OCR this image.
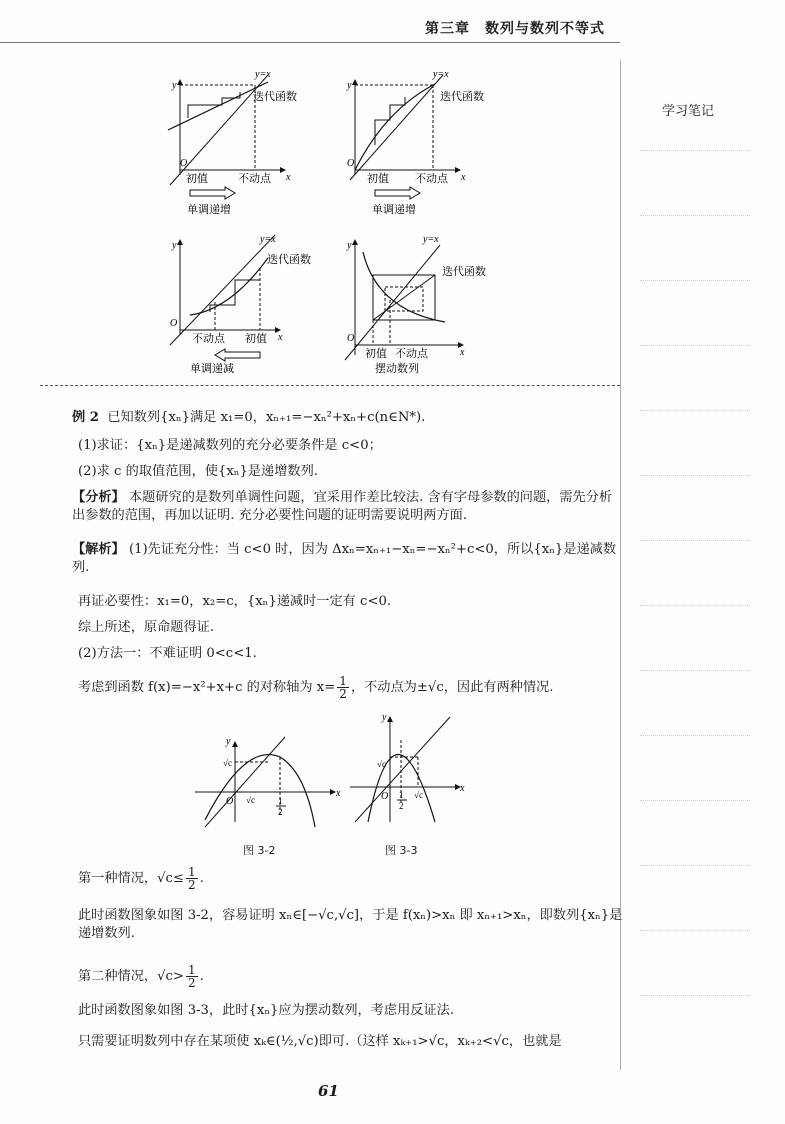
第三章　数列与数列不等式
学习笔记
O
y
x
y=x
迭代函数
初值	不动点
单调递增
O
y
x
y=x
迭代函数
初值 不动点
单调递增
O
y
x
y=x
迭代函数
不动点 初值
单调递减
O
y
x
y=x
迭代函数
初值 不动点
摆动数列
例 2 已知数列{xₙ}满足 x₁=0，xₙ₊₁=−xₙ²+xₙ+c(n∈N*).
(1)求证：{xₙ}是递减数列的充分必要条件是 c<0；
(2)求 c 的取值范围，使{xₙ}是递增数列.
【分析】 本题研究的是数列单调性问题，宜采用作差比较法. 含有字母参数的问题，需先分析出参数的范围，再加以证明. 充分必要性问题的证明需要说明两方面.
【解析】 (1)先证充分性：当 c<0 时，因为 Δxₙ=xₙ₊₁−xₙ=−xₙ²+c<0，所以{xₙ}是递减数列.
再证必要性：x₁=0，x₂=c，{xₙ}递减时一定有 c<0.
综上所述，原命题得证.
(2)方法一：不难证明 0<c<1.
考虑到函数 f(x)=−x²+x+c 的对称轴为 $x= \frac{1}{2}$ ，不动点为±√c，因此有两种情况.
y
x
O
√c
√c	1
2
y
x
O
√c
√c
1
2
图 3-2	图 3-3
第一种情况，$√c\le \frac{1}{2}$ .
此时函数图象如图 3-2，容易证明 xₙ∈[−√c,√c]，于是 f(xₙ)>xₙ 即 xₙ₊₁>xₙ，即数列{xₙ}是递增数列.
第二种情况，$√c> \frac{1}{2}$ .
此时函数图象如图 3-3，此时{xₙ}应为摆动数列，考虑用反证法.
只需要证明数列中存在某项使 xₖ∈(½,√c)即可.（这样 xₖ₊₁>√c，xₖ₊₂<√c，也就是
61
